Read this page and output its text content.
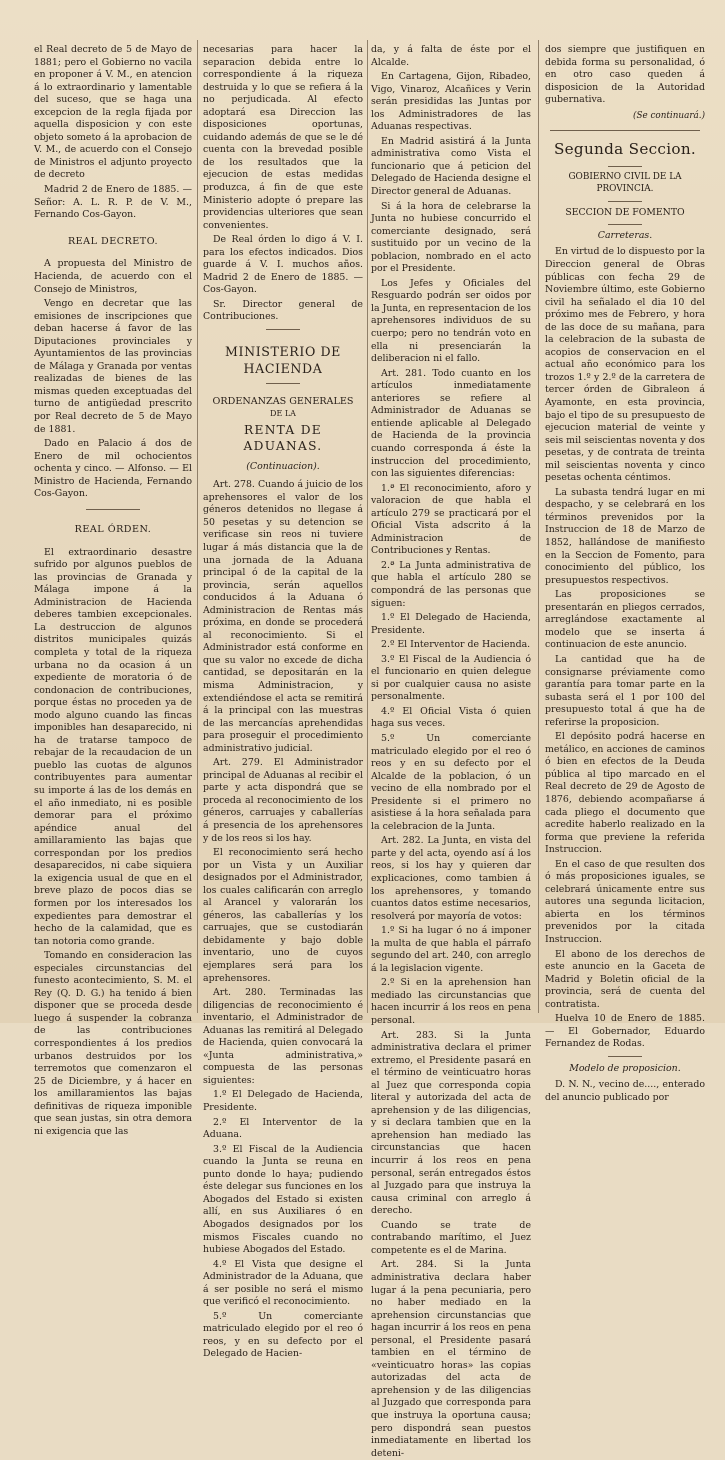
el Real decreto de 5 de Mayo de 1881; pero el Gobierno no vacila en proponer á V. M., en atencion á lo extraordinario y lamentable del suceso, que se haga una excepcion de la regla fijada por aquella disposicion y con este objeto someto á la aprobacion de V. M., de acuerdo con el Consejo de Ministros el adjunto proyecto de decreto

Madrid 2 de Enero de 1885. — Señor: A. L. R. P. de V. M., Fernando Cos-Gayon.

REAL DECRETO.

A propuesta del Ministro de Hacienda, de acuerdo con el Consejo de Ministros,

Vengo en decretar que las emisiones de inscripciones que deban hacerse á favor de las Diputaciones provinciales y Ayuntamientos de las provincias de Málaga y Granada por ventas realizadas de bienes de las mismas queden exceptuadas del turno de antigüedad prescrito por Real decreto de 5 de Mayo de 1881.

Dado en Palacio á dos de Enero de mil ochocientos ochenta y cinco. — Alfonso. — El Ministro de Hacienda, Fernando Cos-Gayon.

REAL ÓRDEN.

El extraordinario desastre sufrido por algunos pueblos de las provincias de Granada y Málaga impone á la Administracion de Hacienda deberes tambien excepcionales. La destruccion de algunos distritos municipales quizás completa y total de la riqueza urbana no da ocasion á un expediente de moratoria ó de condonacion de contribuciones, porque éstas no proceden ya de modo alguno cuando las fincas imponibles han desaparecido, ni ha de tratarse tampoco de rebajar de la recaudacion de un pueblo las cuotas de algunos contribuyentes para aumentar su importe á las de los demás en el año inmediato, ni es posible demorar para el próximo apéndice anual del amillaramiento las bajas que correspondan por los predios desaparecidos, ni cabe siquiera la exigencia usual de que en el breve plazo de pocos dias se formen por los interesados los expedientes para demostrar el hecho de la calamidad, que es tan notoria como grande.

Tomando en consideracion las especiales circunstancias del funesto acontecimiento, S. M. el Rey (Q. D. G.) ha tenido á bien disponer que se proceda desde luego á suspender la cobranza de las contribuciones correspondientes á los predios urbanos destruidos por los terremotos que comenzaron el 25 de Diciembre, y á hacer en los amillaramientos las bajas definitivas de riqueza imponible que sean justas, sin otra demora ni exigencia que las

necesarias para hacer la separacion debida entre lo correspondiente á la riqueza destruida y lo que se refiera á la no perjudicada. Al efecto adoptará esa Direccion las disposiciones oportunas, cuidando además de que se le dé cuenta con la brevedad posible de los resultados que la ejecucion de estas medidas produzca, á fin de que este Ministerio adopte ó prepare las providencias ulteriores que sean convenientes.

De Real órden lo digo á V. I. para los efectos indicados. Dios guarde á V. I. muchos años. Madrid 2 de Enero de 1885. — Cos-Gayon.

Sr. Director general de Contribuciones.

MINISTERIO DE HACIENDA
ORDENANZAS GENERALES
DE LA
RENTA DE ADUANAS.
(Continuacion).

Art. 278. Cuando á juicio de los aprehensores el valor de los géneros detenidos no llegase á 50 pesetas y su detencion se verificase sin reos ni tuviere lugar á más distancia que la de una jornada de la Aduana principal ó de la capital de la provincia, serán aquellos conducidos á la Aduana ó Administracion de Rentas más próxima, en donde se procederá al reconocimiento. Si el Administrador está conforme en que su valor no excede de dicha cantidad, se depositarán en la misma Administracion, y extendiéndose el acta se remitirá á la principal con las muestras de las mercancías aprehendidas para proseguir el procedimiento administrativo judicial.

Art. 279. El Administrador principal de Aduanas al recibir el parte y acta dispondrá que se proceda al reconocimiento de los géneros, carruajes y caballerías á presencia de los aprehensores y de los reos si los hay.

El reconocimiento será hecho por un Vista y un Auxiliar designados por el Administrador, los cuales calificarán con arreglo al Arancel y valorarán los géneros, las caballerías y los carruajes, que se custodiarán debidamente y bajo doble inventario, uno de cuyos ejemplares será para los aprehensores.

Art. 280. Terminadas las diligencias de reconocimiento é inventario, el Administrador de Aduanas las remitirá al Delegado de Hacienda, quien convocará la «Junta administrativa,» compuesta de las personas siguientes:

1.º El Delegado de Hacienda, Presidente.

2.º El Interventor de la Aduana.

3.º El Fiscal de la Audiencia cuando la Junta se reuna en punto donde lo haya; pudiendo éste delegar sus funciones en los Abogados del Estado si existen allí, en sus Auxiliares ó en Abogados designados por los mismos Fiscales cuando no hubiese Abogados del Estado.

4.º El Vista que designe el Administrador de la Aduana, que á ser posible no será el mismo que verificó el reconocimiento.

5.º Un comerciante matriculado elegido por el reo ó reos, y en su defecto por el Delegado de Hacien-

da, y á falta de éste por el Alcalde.

En Cartagena, Gijon, Ribadeo, Vigo, Vinaroz, Alcañices y Verin serán presididas las Juntas por los Administradores de las Aduanas respectivas.

En Madrid asistirá á la Junta administrativa como Vista el funcionario que á peticion del Delegado de Hacienda designe el Director general de Aduanas.

Si á la hora de celebrarse la Junta no hubiese concurrido el comerciante designado, será sustituido por un vecino de la poblacion, nombrado en el acto por el Presidente.

Los Jefes y Oficiales del Resguardo podrán ser oidos por la Junta, en representacion de los aprehensores individuos de su cuerpo; pero no tendrán voto en ella ni presenciarán la deliberacion ni el fallo.

Art. 281. Todo cuanto en los artículos inmediatamente anteriores se refiere al Administrador de Aduanas se entiende aplicable al Delegado de Hacienda de la provincia cuando corresponda á éste la instruccion del procedimiento, con las siguientes diferencias:

1.ª El reconocimiento, aforo y valoracion de que habla el artículo 279 se practicará por el Oficial Vista adscrito á la Administracion de Contribuciones y Rentas.

2.ª La Junta administrativa de que habla el artículo 280 se compondrá de las personas que siguen:

1.º El Delegado de Hacienda, Presidente.

2.º El Interventor de Hacienda.

3.º El Fiscal de la Audiencia ó el funcionario en quien delegue si por cualquier causa no asiste personalmente.

4.º El Oficial Vista ó quien haga sus veces.

5.º Un comerciante matriculado elegido por el reo ó reos y en su defecto por el Alcalde de la poblacion, ó un vecino de ella nombrado por el Presidente si el primero no asistiese á la hora señalada para la celebracion de la Junta.

Art. 282. La Junta, en vista del parte y del acta, oyendo así á los reos, si los hay y quieren dar explicaciones, como tambien á los aprehensores, y tomando cuantos datos estime necesarios, resolverá por mayoría de votos:

1.º Si ha lugar ó no á imponer la multa de que habla el párrafo segundo del art. 240, con arreglo á la legislacion vigente.

2.º Si en la aprehension han mediado las circunstancias que hacen incurrir á los reos en pena personal.

Art. 283. Si la Junta administrativa declara el primer extremo, el Presidente pasará en el término de veinticuatro horas al Juez que corresponda copia literal y autorizada del acta de aprehension y de las diligencias, y si declara tambien que en la aprehension han mediado las circunstancias que hacen incurrir á los reos en pena personal, serán entregados éstos al Juzgado para que instruya la causa criminal con arreglo á derecho.

Cuando se trate de contrabando marítimo, el Juez competente es el de Marina.

Art. 284. Si la Junta administrativa declara haber lugar á la pena pecuniaria, pero no haber mediado en la aprehension circunstancias que hagan incurrir á los reos en pena personal, el Presidente pasará tambien en el término de «veinticuatro horas» las copias autorizadas del acta de aprehension y de las diligencias al Juzgado que corresponda para que instruya la oportuna causa; pero dispondrá sean puestos inmediatamente en libertad los deteni-

dos siempre que justifiquen en debida forma su personalidad, ó en otro caso queden á disposicion de la Autoridad gubernativa.

(Se continuará.)
Segunda Seccion.
GOBIERNO CIVIL DE LA PROVINCIA.
SECCION DE FOMENTO
Carreteras.

En virtud de lo dispuesto por la Direccion general de Obras públicas con fecha 29 de Noviembre último, este Gobierno civil ha señalado el dia 10 del próximo mes de Febrero, y hora de las doce de su mañana, para la celebracion de la subasta de acopios de conservacion en el actual año económico para los trozos 1.º y 2.º de la carretera de tercer órden de Gibraleon á Ayamonte, en esta provincia, bajo el tipo de su presupuesto de ejecucion material de veinte y seis mil seiscientas noventa y dos pesetas, y de contrata de treinta mil seiscientas noventa y cinco pesetas ochenta céntimos.

La subasta tendrá lugar en mi despacho, y se celebrará en los términos prevenidos por la Instruccion de 18 de Marzo de 1852, hallándose de manifiesto en la Seccion de Fomento, para conocimiento del público, los presupuestos respectivos.

Las proposiciones se presentarán en pliegos cerrados, arreglándose exactamente al modelo que se inserta á continuacion de este anuncio.

La cantidad que ha de consignarse préviamente como garantía para tomar parte en la subasta será el 1 por 100 del presupuesto total á que ha de referirse la proposicion.

El depósito podrá hacerse en metálico, en acciones de caminos ó bien en efectos de la Deuda pública al tipo marcado en el Real decreto de 29 de Agosto de 1876, debiendo acompañarse á cada pliego el documento que acredite haberlo realizado en la forma que previene la referida Instruccion.

En el caso de que resulten dos ó más proposiciones iguales, se celebrará únicamente entre sus autores una segunda licitacion, abierta en los términos prevenidos por la citada Instruccion.

El abono de los derechos de este anuncio en la Gaceta de Madrid y Boletin oficial de la provincia, será de cuenta del contratista.

Huelva 10 de Enero de 1885. — El Gobernador, Eduardo Fernandez de Rodas.

Modelo de proposicion.

D. N. N., vecino de...., enterado del anuncio publicado por
